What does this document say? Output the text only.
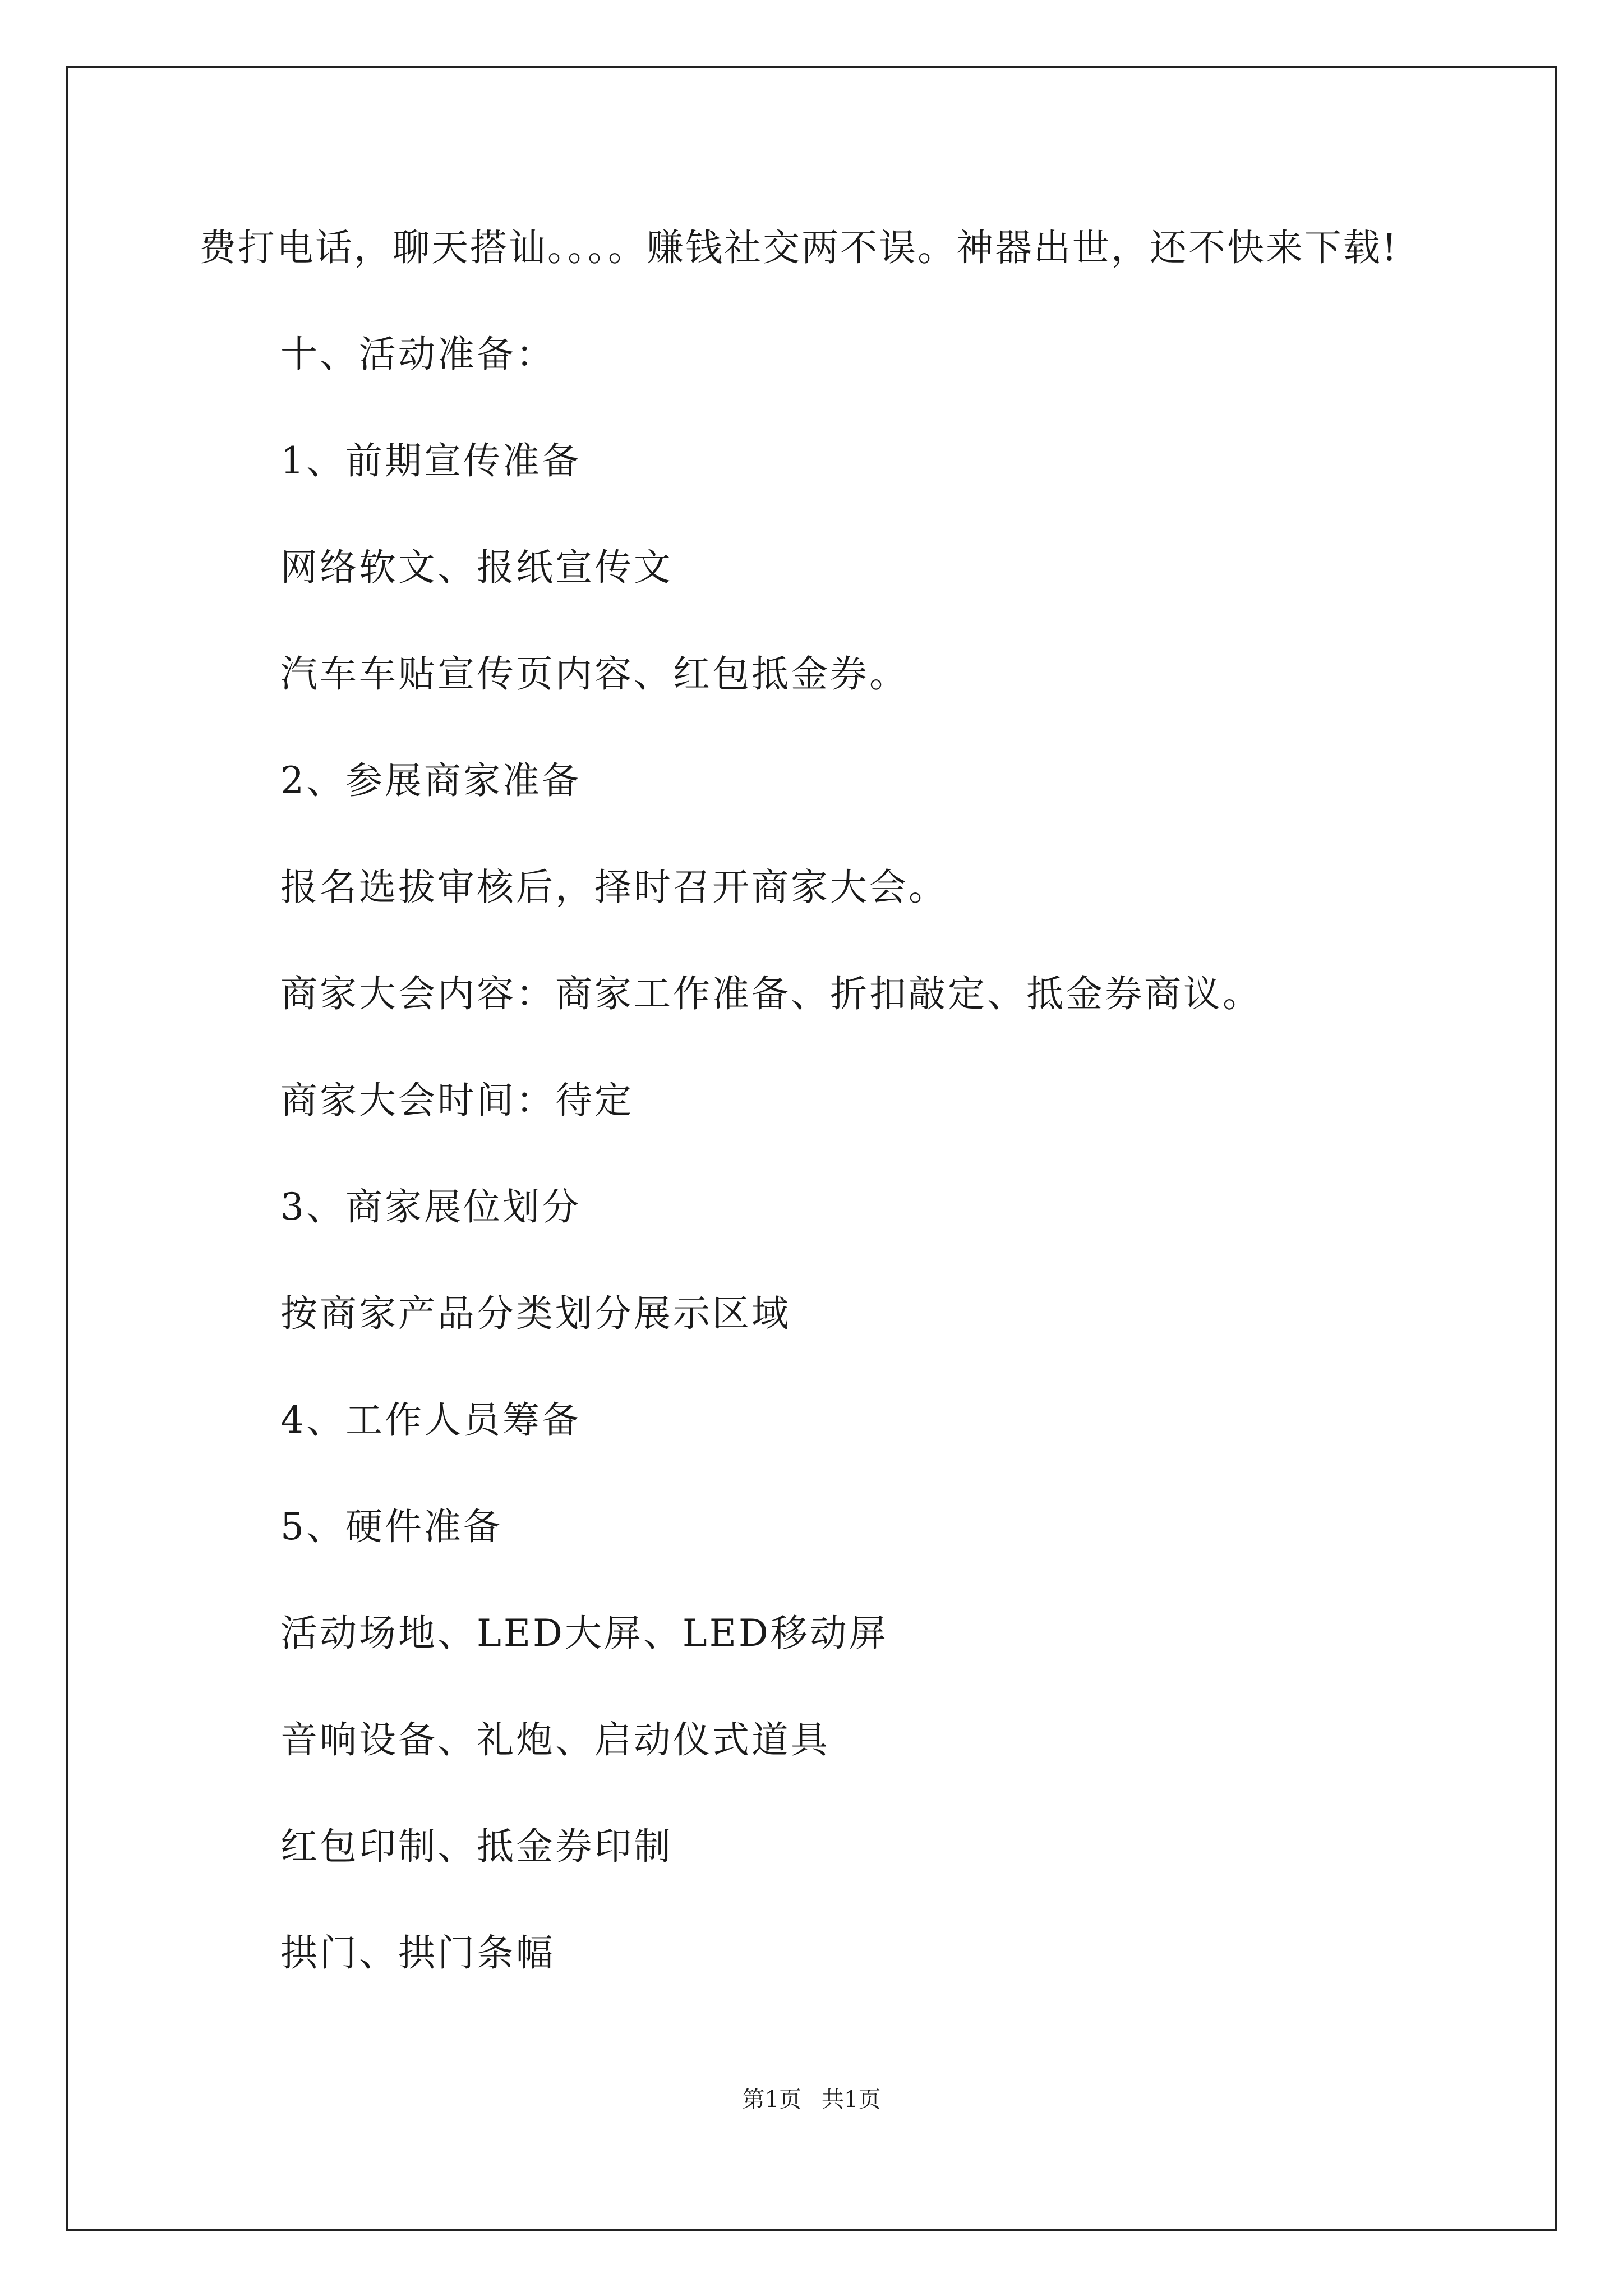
费打电话，聊天搭讪。。。。赚钱社交两不误。神器出世，还不快来下载!

十、活动准备：

1、前期宣传准备

网络软文、报纸宣传文

汽车车贴宣传页内容、红包抵金券。

2、参展商家准备

报名选拔审核后，择时召开商家大会。

商家大会内容：商家工作准备、折扣敲定、抵金券商议。

商家大会时间：待定

3、商家展位划分

按商家产品分类划分展示区域

4、工作人员筹备

5、硬件准备

活动场地、LED大屏、LED移动屏

音响设备、礼炮、启动仪式道具

红包印制、抵金券印制

拱门、拱门条幅

第1页 共1页
